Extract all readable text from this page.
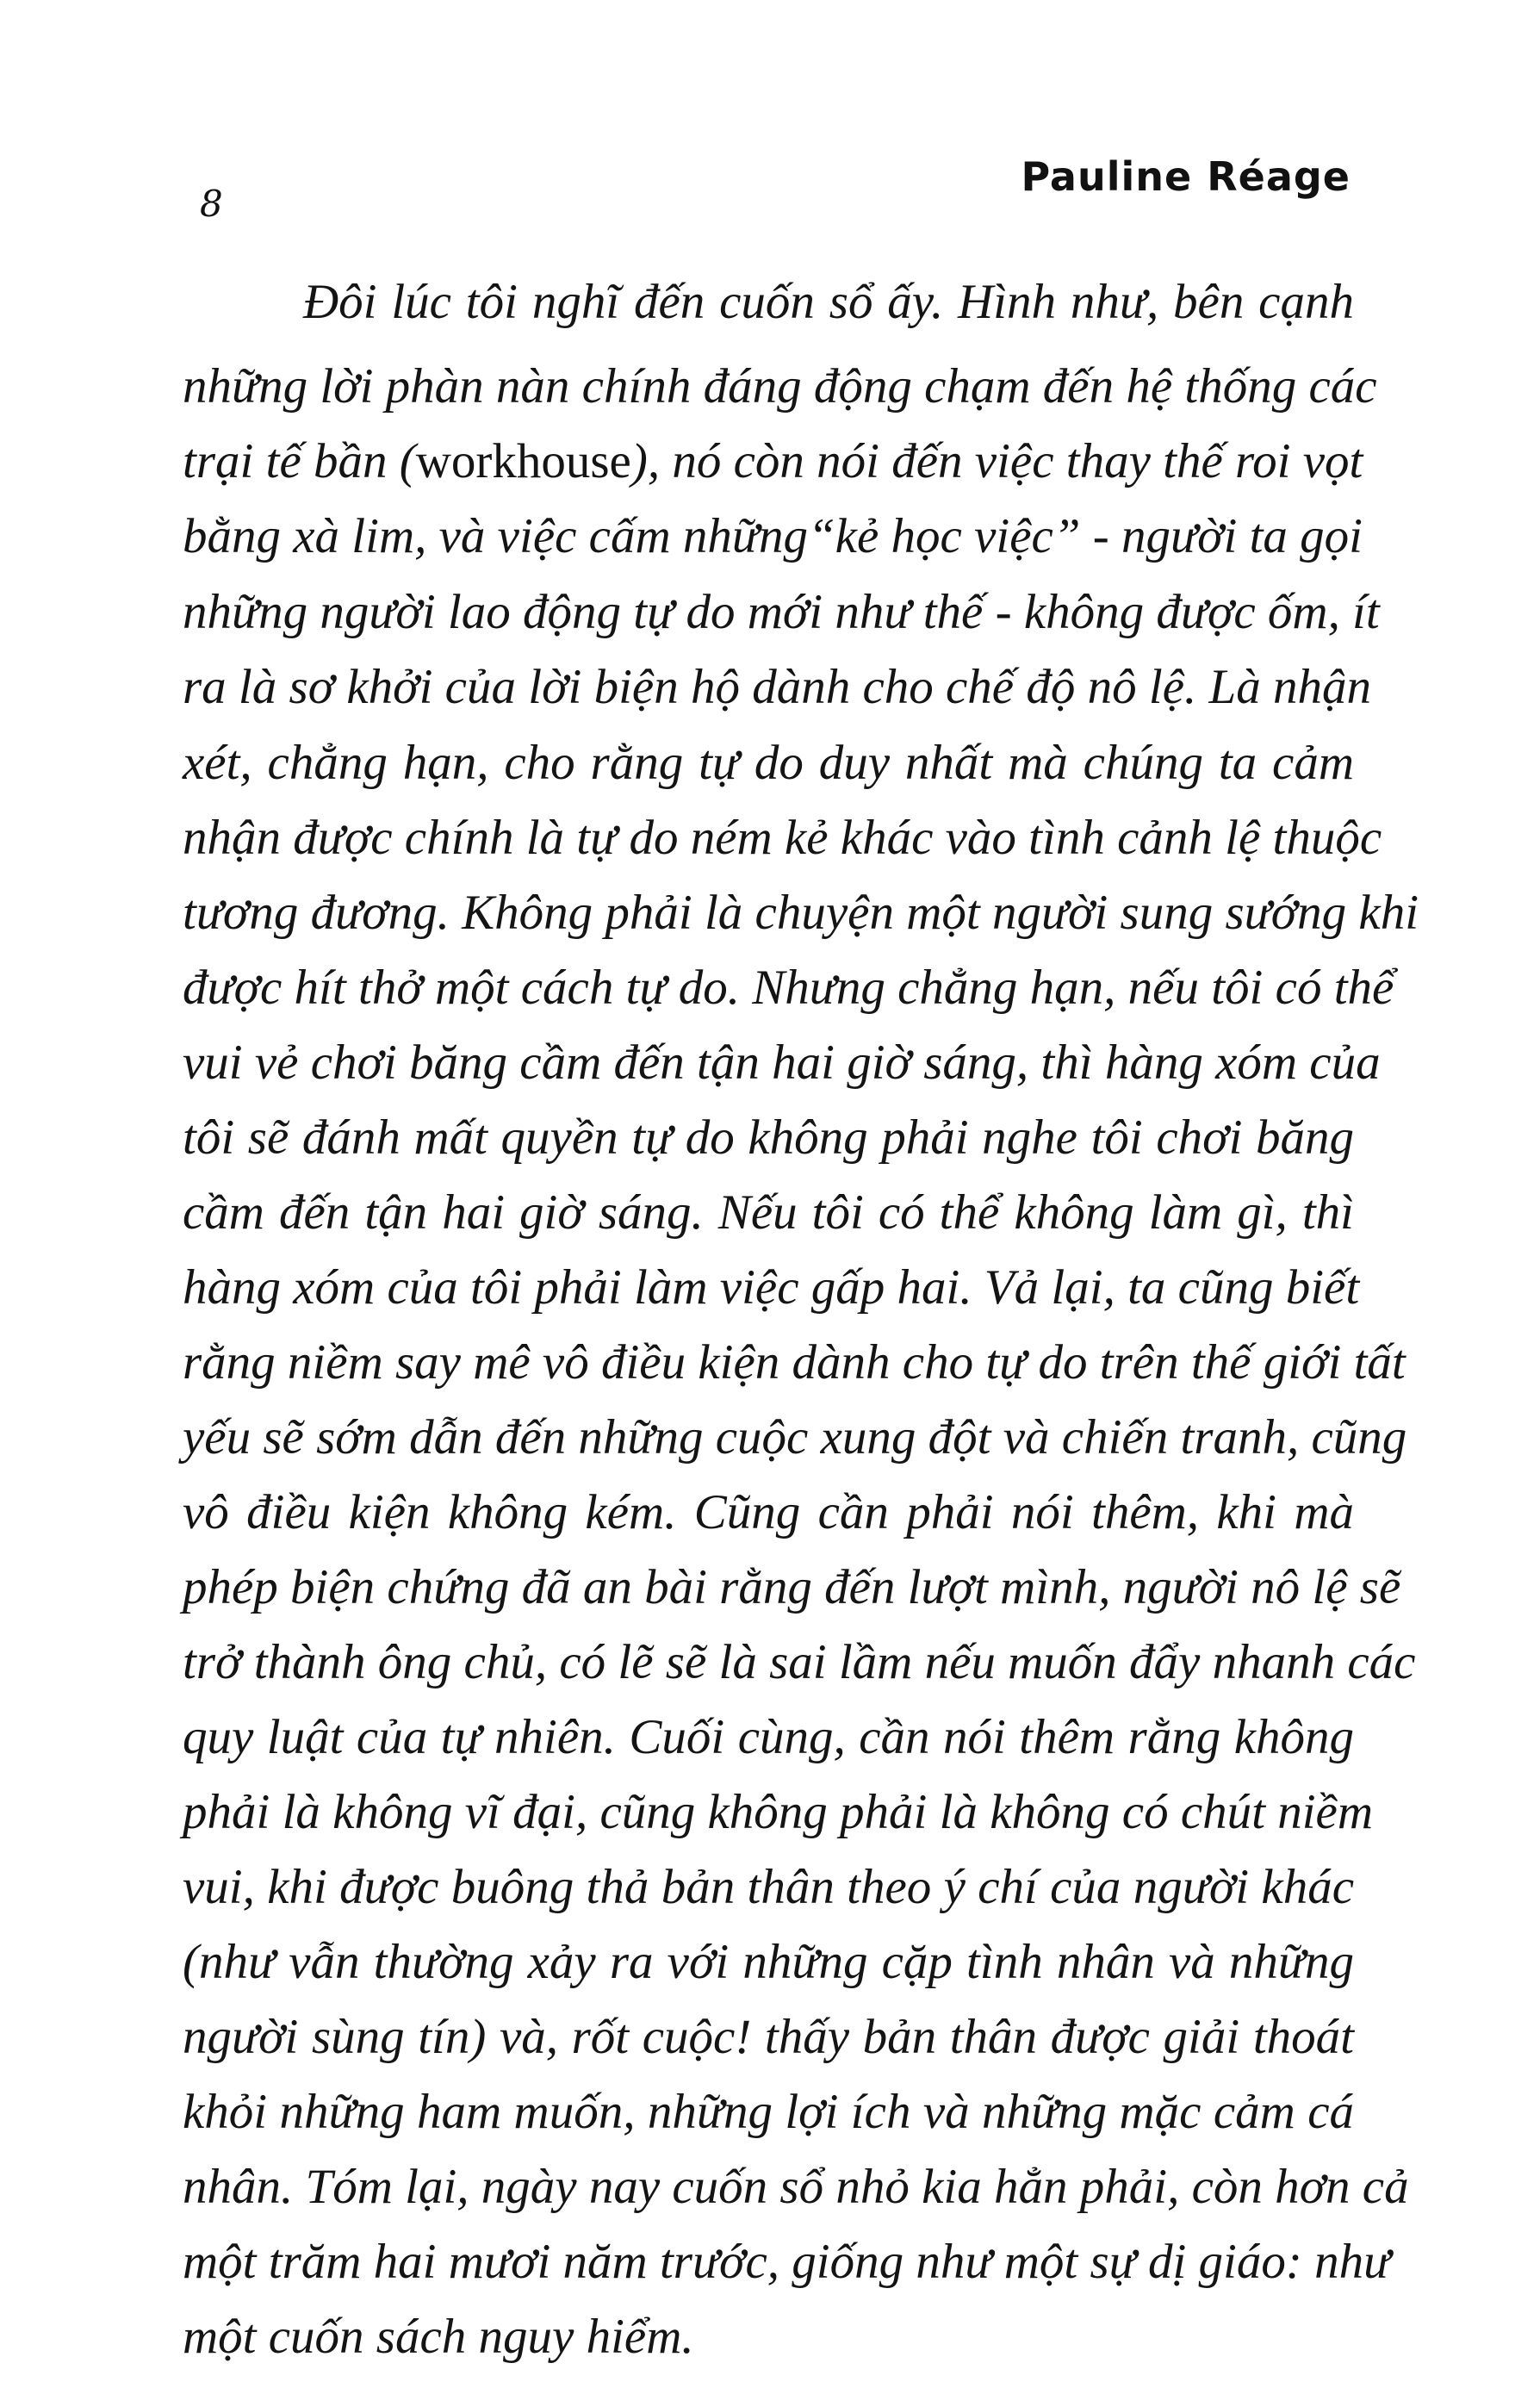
8
Pauline Réage
Đôi lúc tôi nghĩ đến cuốn sổ ấy. Hình như, bên cạnh
những lời phàn nàn chính đáng động chạm đến hệ thống các
trại tế bần (workhouse), nó còn nói đến việc thay thế roi vọt
bằng xà lim, và việc cấm những“kẻ học việc” - người ta gọi
những người lao động tự do mới như thế - không được ốm, ít
ra là sơ khởi của lời biện hộ dành cho chế độ nô lệ. Là nhận
xét, chẳng hạn, cho rằng tự do duy nhất mà chúng ta cảm
nhận được chính là tự do ném kẻ khác vào tình cảnh lệ thuộc
tương đương. Không phải là chuyện một người sung sướng khi
được hít thở một cách tự do. Nhưng chẳng hạn, nếu tôi có thể
vui vẻ chơi băng cầm đến tận hai giờ sáng, thì hàng xóm của
tôi sẽ đánh mất quyền tự do không phải nghe tôi chơi băng
cầm đến tận hai giờ sáng. Nếu tôi có thể không làm gì, thì
hàng xóm của tôi phải làm việc gấp hai. Vả lại, ta cũng biết
rằng niềm say mê vô điều kiện dành cho tự do trên thế giới tất
yếu sẽ sớm dẫn đến những cuộc xung đột và chiến tranh, cũng
vô điều kiện không kém. Cũng cần phải nói thêm, khi mà
phép biện chứng đã an bài rằng đến lượt mình, người nô lệ sẽ
trở thành ông chủ, có lẽ sẽ là sai lầm nếu muốn đẩy nhanh các
quy luật của tự nhiên. Cuối cùng, cần nói thêm rằng không
phải là không vĩ đại, cũng không phải là không có chút niềm
vui, khi được buông thả bản thân theo ý chí của người khác
(như vẫn thường xảy ra với những cặp tình nhân và những
người sùng tín) và, rốt cuộc! thấy bản thân được giải thoát
khỏi những ham muốn, những lợi ích và những mặc cảm cá
nhân. Tóm lại, ngày nay cuốn sổ nhỏ kia hẳn phải, còn hơn cả
một trăm hai mươi năm trước, giống như một sự dị giáo: như
một cuốn sách nguy hiểm.
